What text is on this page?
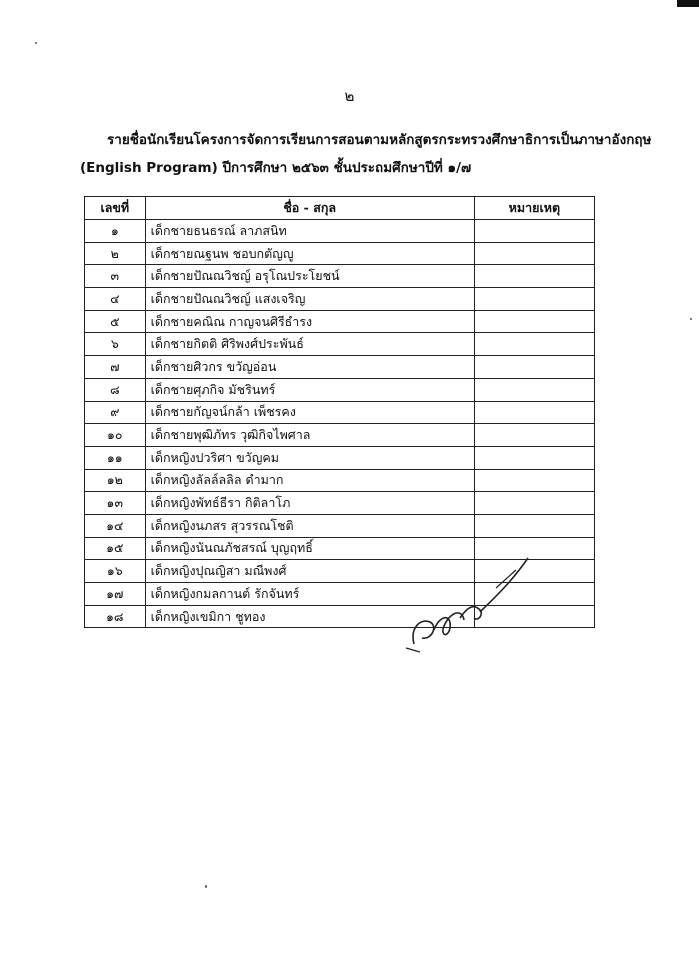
๒
รายชื่อนักเรียนโครงการจัดการเรียนการสอนตามหลักสูตรกระทรวงศึกษาธิการเป็นภาษาอังกฤษ
(English Program) ปีการศึกษา ๒๕๖๓ ชั้นประถมศึกษาปีที่ ๑/๗
เลขที่	ชื่อ - สกุล	หมายเหตุ
๑	เด็กชายธนธรณ์ ลาภสนิท	
๒	เด็กชายณฐนพ ชอบกตัญญู	
๓	เด็กชายปัณณวิชญ์ อรุโณประโยชน์	
๔	เด็กชายปัณณวิชญ์ แสงเจริญ	
๕	เด็กชายคณิณ กาญจนศิรีธำรง	
๖	เด็กชายกิตติ ศิริพงศ์ประพันธ์	
๗	เด็กชายศิวกร ขวัญอ่อน	
๘	เด็กชายศุภกิจ มัชรินทร์	
๙	เด็กชายกัญจน์กล้า เพ็ชรคง	
๑๐	เด็กชายพุฒิภัทร วุฒิกิจไพศาล	
๑๑	เด็กหญิงปวริศา ขวัญคม	
๑๒	เด็กหญิงลัลล์ลลิล ดำมาก	
๑๓	เด็กหญิงพัทธ์ธีรา กิติลาโภ	
๑๔	เด็กหญิงนภสร สุวรรณโชติ	
๑๕	เด็กหญิงนันณภัชสรณ์ บุญฤทธิ์	
๑๖	เด็กหญิงปุณญิสา มณีพงศ์	
๑๗	เด็กหญิงกมลกานต์ รักจันทร์	
๑๘	เด็กหญิงเขมิกา ชูทอง	
